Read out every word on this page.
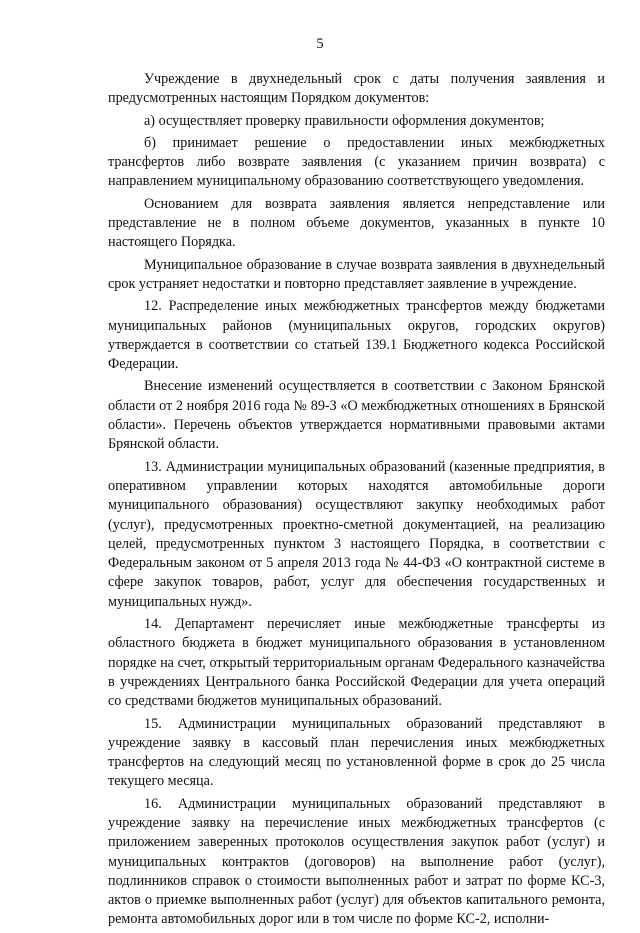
5

Учреждение в двухнедельный срок с даты получения заявления и предусмотренных настоящим Порядком документов:

а) осуществляет проверку правильности оформления документов;

б) принимает решение о предоставлении иных межбюджетных трансфертов либо возврате заявления (с указанием причин возврата) с направлением муниципальному образованию соответствующего уведомления.

Основанием для возврата заявления является непредставление или представление не в полном объеме документов, указанных в пункте 10 настоящего Порядка.

Муниципальное образование в случае возврата заявления в двухнедельный срок устраняет недостатки и повторно представляет заявление в учреждение.

12. Распределение иных межбюджетных трансфертов между бюджетами муниципальных районов (муниципальных округов, городских округов) утверждается в соответствии со статьей 139.1 Бюджетного кодекса Российской Федерации.

Внесение изменений осуществляется в соответствии с Законом Брянской области от 2 ноября 2016 года № 89-З «О межбюджетных отношениях в Брянской области». Перечень объектов утверждается нормативными правовыми актами Брянской области.

13. Администрации муниципальных образований (казенные предприятия, в оперативном управлении которых находятся автомобильные дороги муниципального образования) осуществляют закупку необходимых работ (услуг), предусмотренных проектно-сметной документацией, на реализацию целей, предусмотренных пунктом 3 настоящего Порядка, в соответствии с Федеральным законом от 5 апреля 2013 года № 44-ФЗ «О контрактной системе в сфере закупок товаров, работ, услуг для обеспечения государственных и муниципальных нужд».

14. Департамент перечисляет иные межбюджетные трансферты из областного бюджета в бюджет муниципального образования в установленном порядке на счет, открытый территориальным органам Федерального казначейства в учреждениях Центрального банка Российской Федерации для учета операций со средствами бюджетов муниципальных образований.

15. Администрации муниципальных образований представляют в учреждение заявку в кассовый план перечисления иных межбюджетных трансфертов на следующий месяц по установленной форме в срок до 25 числа текущего месяца.

16. Администрации муниципальных образований представляют в учреждение заявку на перечисление иных межбюджетных трансфертов (с приложением заверенных протоколов осуществления закупок работ (услуг) и муниципальных контрактов (договоров) на выполнение работ (услуг), подлинников справок о стоимости выполненных работ и затрат по форме КС-3, актов о приемке выполненных работ (услуг) для объектов капитального ремонта, ремонта автомобильных дорог или в том числе по форме КС-2, исполни-
